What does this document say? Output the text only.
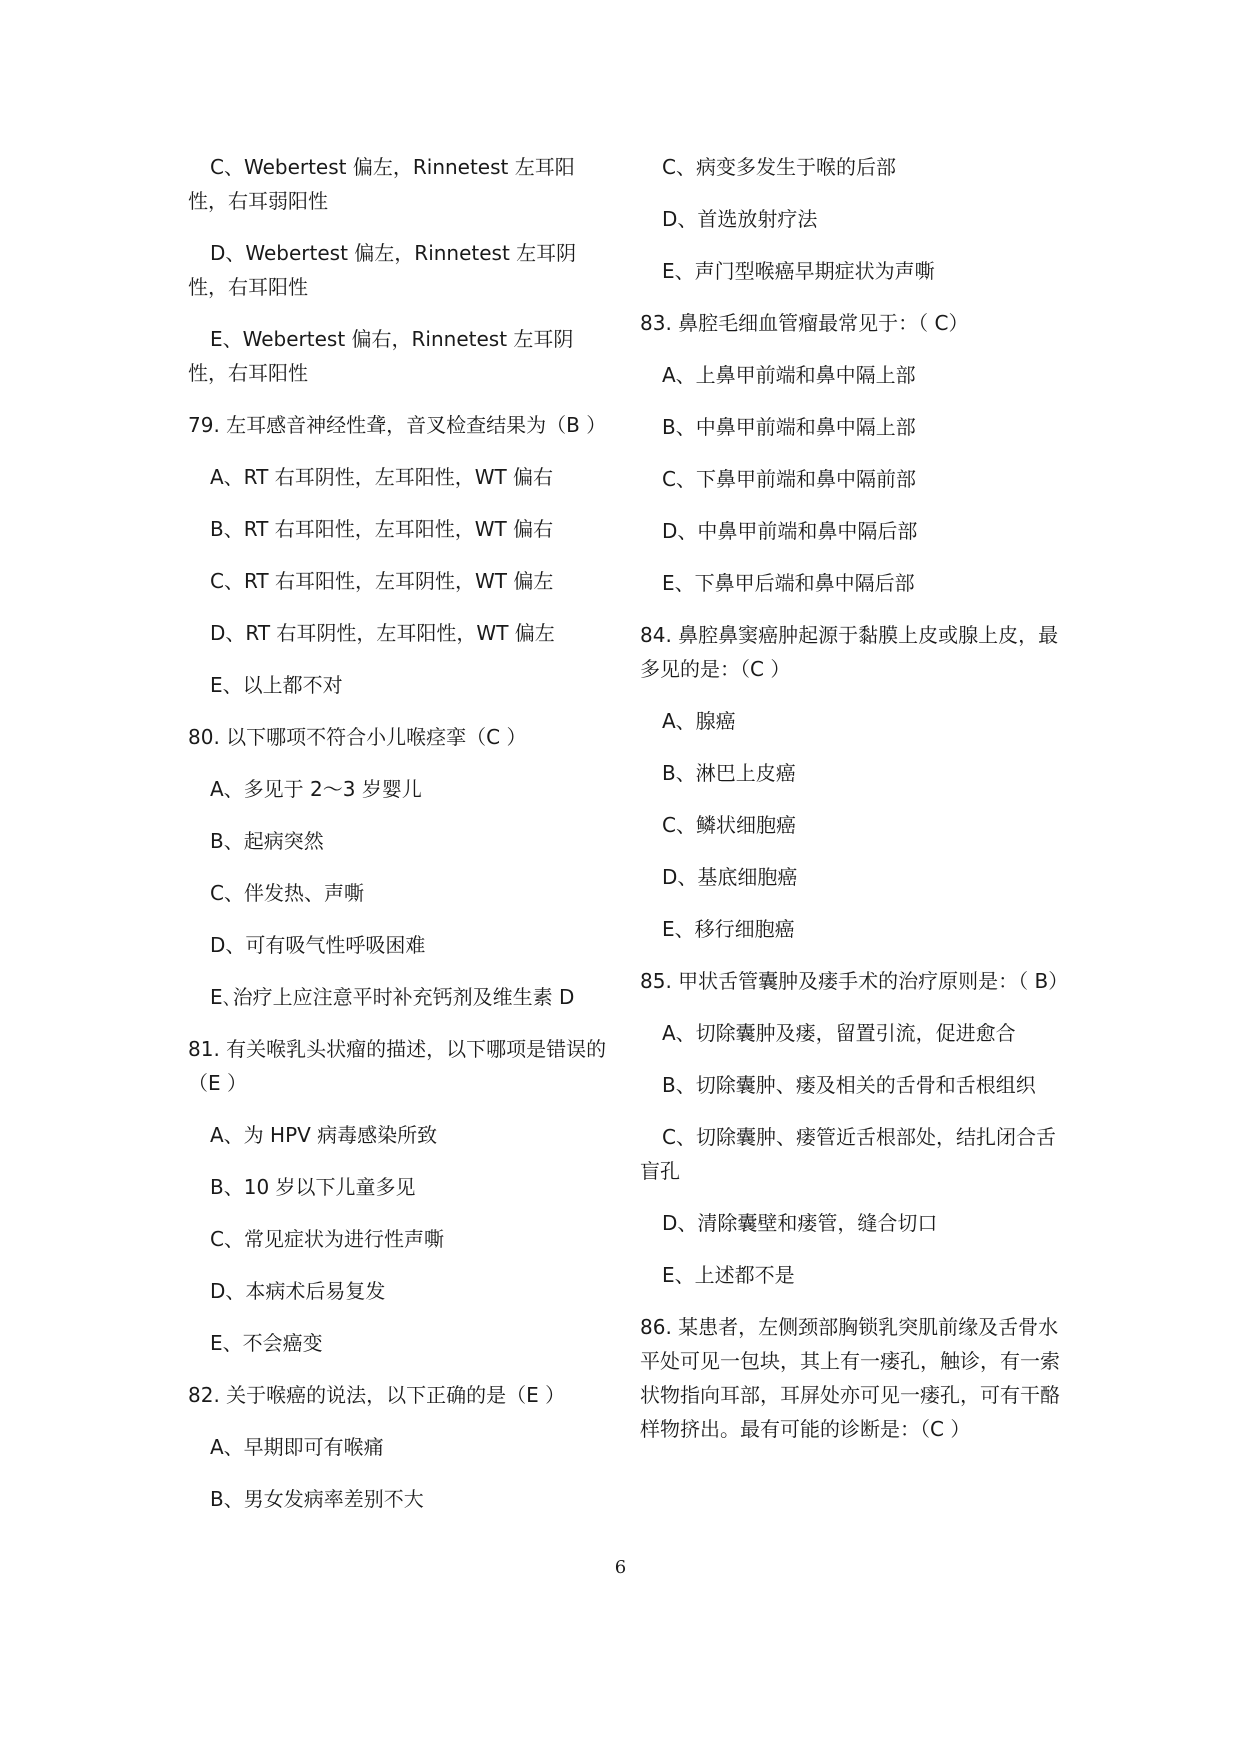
C、Webertest 偏左，Rinnetest 左耳阳性，右耳弱阳性

D、Webertest 偏左，Rinnetest 左耳阴性，右耳阳性

E、Webertest 偏右，Rinnetest 左耳阴性，右耳阳性

79. 左耳感音神经性聋，音叉检查结果为（B ）

A、RT 右耳阴性，左耳阳性，WT 偏右

B、RT 右耳阳性，左耳阳性，WT 偏右

C、RT 右耳阳性，左耳阴性，WT 偏左

D、RT 右耳阴性，左耳阳性，WT 偏左

E、以上都不对

80. 以下哪项不符合小儿喉痉挛（C ）

A、多见于 2～3 岁婴儿

B、起病突然

C、伴发热、声嘶

D、可有吸气性呼吸困难

E､治疗上应注意平时补充钙剂及维生素 D

81. 有关喉乳头状瘤的描述，以下哪项是错误的（E ）

A、为 HPV 病毒感染所致

B、10 岁以下儿童多见

C、常见症状为进行性声嘶

D、本病术后易复发

E、不会癌变

82. 关于喉癌的说法，以下正确的是（E ）

A、早期即可有喉痛

B、男女发病率差别不大

C、病变多发生于喉的后部

D、首选放射疗法

E、声门型喉癌早期症状为声嘶

83. 鼻腔毛细血管瘤最常见于：（ C）

A、上鼻甲前端和鼻中隔上部

B、中鼻甲前端和鼻中隔上部

C、下鼻甲前端和鼻中隔前部

D、中鼻甲前端和鼻中隔后部

E、下鼻甲后端和鼻中隔后部

84. 鼻腔鼻窦癌肿起源于黏膜上皮或腺上皮，最多见的是：（C ）

A、腺癌

B、淋巴上皮癌

C、鳞状细胞癌

D、基底细胞癌

E、移行细胞癌

85. 甲状舌管囊肿及瘘手术的治疗原则是：（ B）

A、切除囊肿及瘘，留置引流，促进愈合

B、切除囊肿、瘘及相关的舌骨和舌根组织

C、切除囊肿、瘘管近舌根部处，结扎闭合舌盲孔

D、清除囊壁和瘘管，缝合切口

E、上述都不是

86. 某患者，左侧颈部胸锁乳突肌前缘及舌骨水平处可见一包块，其上有一瘘孔，触诊，有一索状物指向耳部，耳屏处亦可见一瘘孔，可有干酪样物挤出。最有可能的诊断是：（C ）

6
